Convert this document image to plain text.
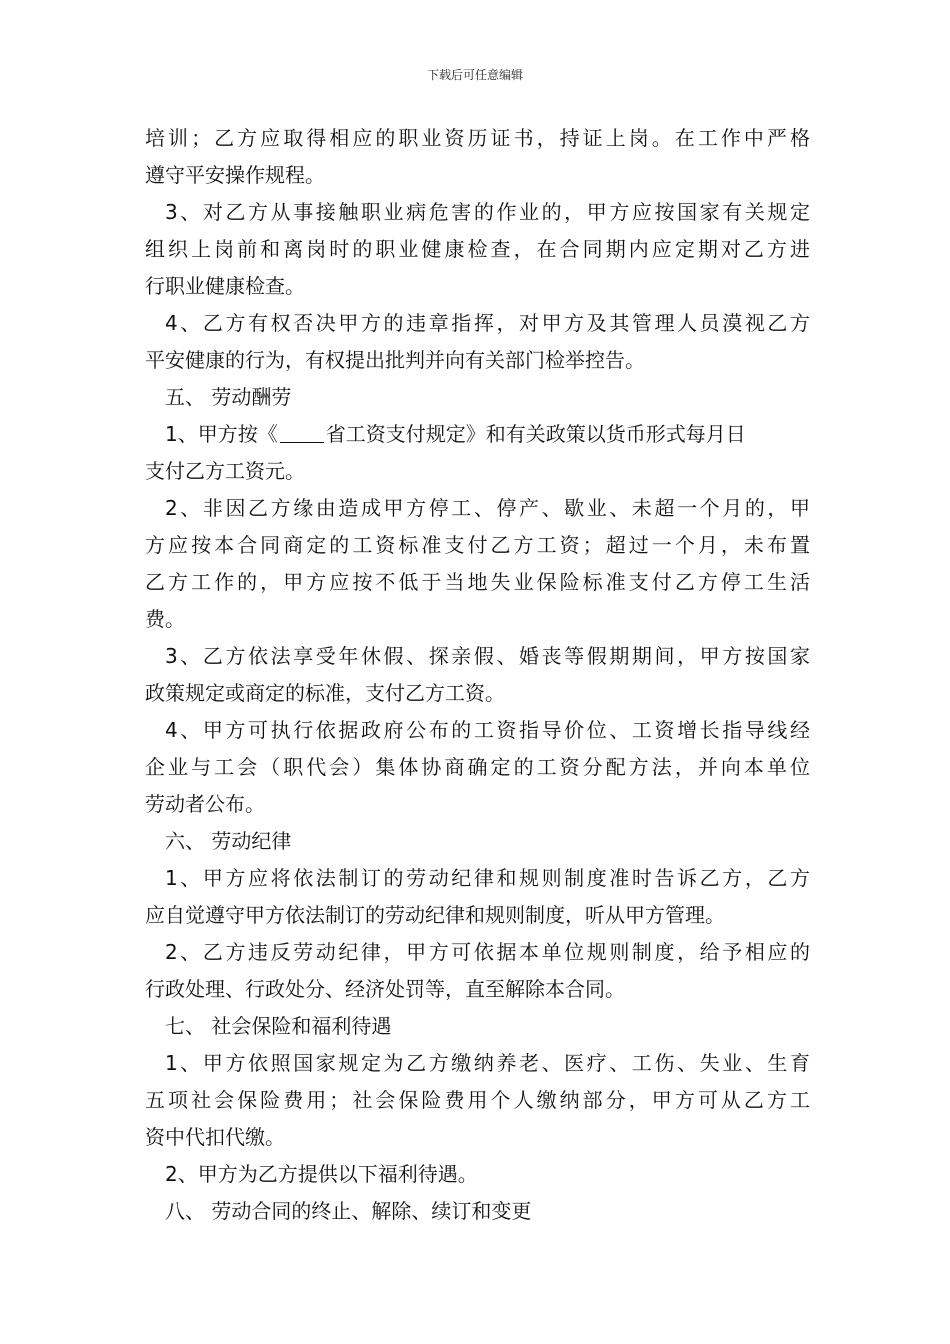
下载后可任意编辑
培训；乙方应取得相应的职业资历证书，持证上岗。在工作中严格
遵守平安操作规程。
3、对乙方从事接触职业病危害的作业的，甲方应按国家有关规定
组织上岗前和离岗时的职业健康检查，在合同期内应定期对乙方进
行职业健康检查。
4、乙方有权否决甲方的违章指挥，对甲方及其管理人员漠视乙方
平安健康的行为，有权提出批判并向有关部门检举控告。
五、 劳动酬劳
1、甲方按《 省工资支付规定》和有关政策以货币形式每月日
支付乙方工资元。
2、非因乙方缘由造成甲方停工、停产、歇业、未超一个月的，甲
方应按本合同商定的工资标准支付乙方工资；超过一个月，未布置
乙方工作的，甲方应按不低于当地失业保险标准支付乙方停工生活
费。
3、乙方依法享受年休假、探亲假、婚丧等假期期间，甲方按国家
政策规定或商定的标准，支付乙方工资。
4、甲方可执行依据政府公布的工资指导价位、工资增长指导线经
企业与工会（职代会）集体协商确定的工资分配方法，并向本单位
劳动者公布。
六、 劳动纪律
1、甲方应将依法制订的劳动纪律和规则制度准时告诉乙方，乙方
应自觉遵守甲方依法制订的劳动纪律和规则制度，听从甲方管理。
2、乙方违反劳动纪律，甲方可依据本单位规则制度，给予相应的
行政处理、行政处分、经济处罚等，直至解除本合同。
七、 社会保险和福利待遇
1、甲方依照国家规定为乙方缴纳养老、医疗、工伤、失业、生育
五项社会保险费用；社会保险费用个人缴纳部分，甲方可从乙方工
资中代扣代缴。
2、甲方为乙方提供以下福利待遇。
八、 劳动合同的终止、解除、续订和变更
